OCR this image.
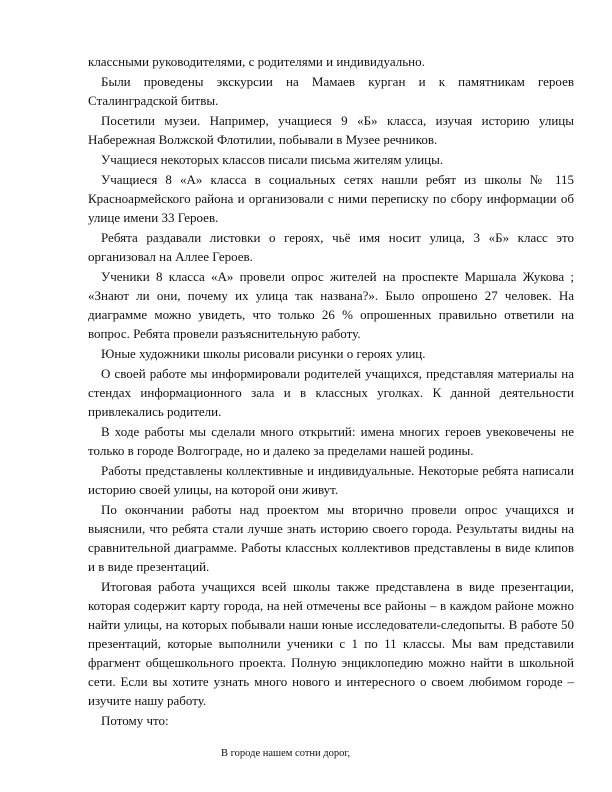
классными руководителями, с родителями и индивидуально.

Были проведены экскурсии на Мамаев курган и к памятникам героев Сталинградской битвы.

Посетили музеи. Например, учащиеся 9 «Б» класса, изучая историю улицы Набережная Волжской Флотилии, побывали в Музее речников.

Учащиеся некоторых классов писали письма жителям улицы.

Учащиеся 8 «А» класса в социальных сетях нашли ребят из школы № 115 Красноармейского района и организовали с ними переписку по сбору информации об улице имени 33 Героев.

Ребята раздавали листовки о героях, чьё имя носит улица, 3 «Б» класс это организовал на Аллее Героев.

Ученики 8 класса «А» провели опрос жителей на проспекте Маршала Жукова ; «Знают ли они, почему их улица так названа?». Было опрошено 27 человек. На диаграмме можно увидеть, что только 26 % опрошенных правильно ответили на вопрос. Ребята провели разъяснительную работу.

Юные художники школы рисовали рисунки о героях улиц.

О своей работе мы информировали родителей учащихся, представляя материалы на стендах информационного зала и в классных уголках. К данной деятельности привлекались родители.

В ходе работы мы сделали много открытий: имена многих героев увековечены не только в городе Волгограде, но и далеко за пределами нашей родины.

Работы представлены коллективные и индивидуальные. Некоторые ребята написали историю своей улицы, на которой они живут.

По окончании работы над проектом мы вторично провели опрос учащихся и выяснили, что ребята стали лучше знать историю своего города. Результаты видны на сравнительной диаграмме. Работы классных коллективов представлены в виде клипов и в виде презентаций.

Итоговая работа учащихся всей школы также представлена в виде презентации, которая содержит карту города, на ней отмечены все районы – в каждом районе можно найти улицы, на которых побывали наши юные исследователи-следопыты. В работе 50 презентаций, которые выполнили ученики с 1 по 11 классы. Мы вам представили фрагмент общешкольного проекта. Полную энциклопедию можно найти в школьной сети. Если вы хотите узнать много нового и интересного о своем любимом городе – изучите нашу работу.

Потому что:

В городе нашем сотни дорог,
